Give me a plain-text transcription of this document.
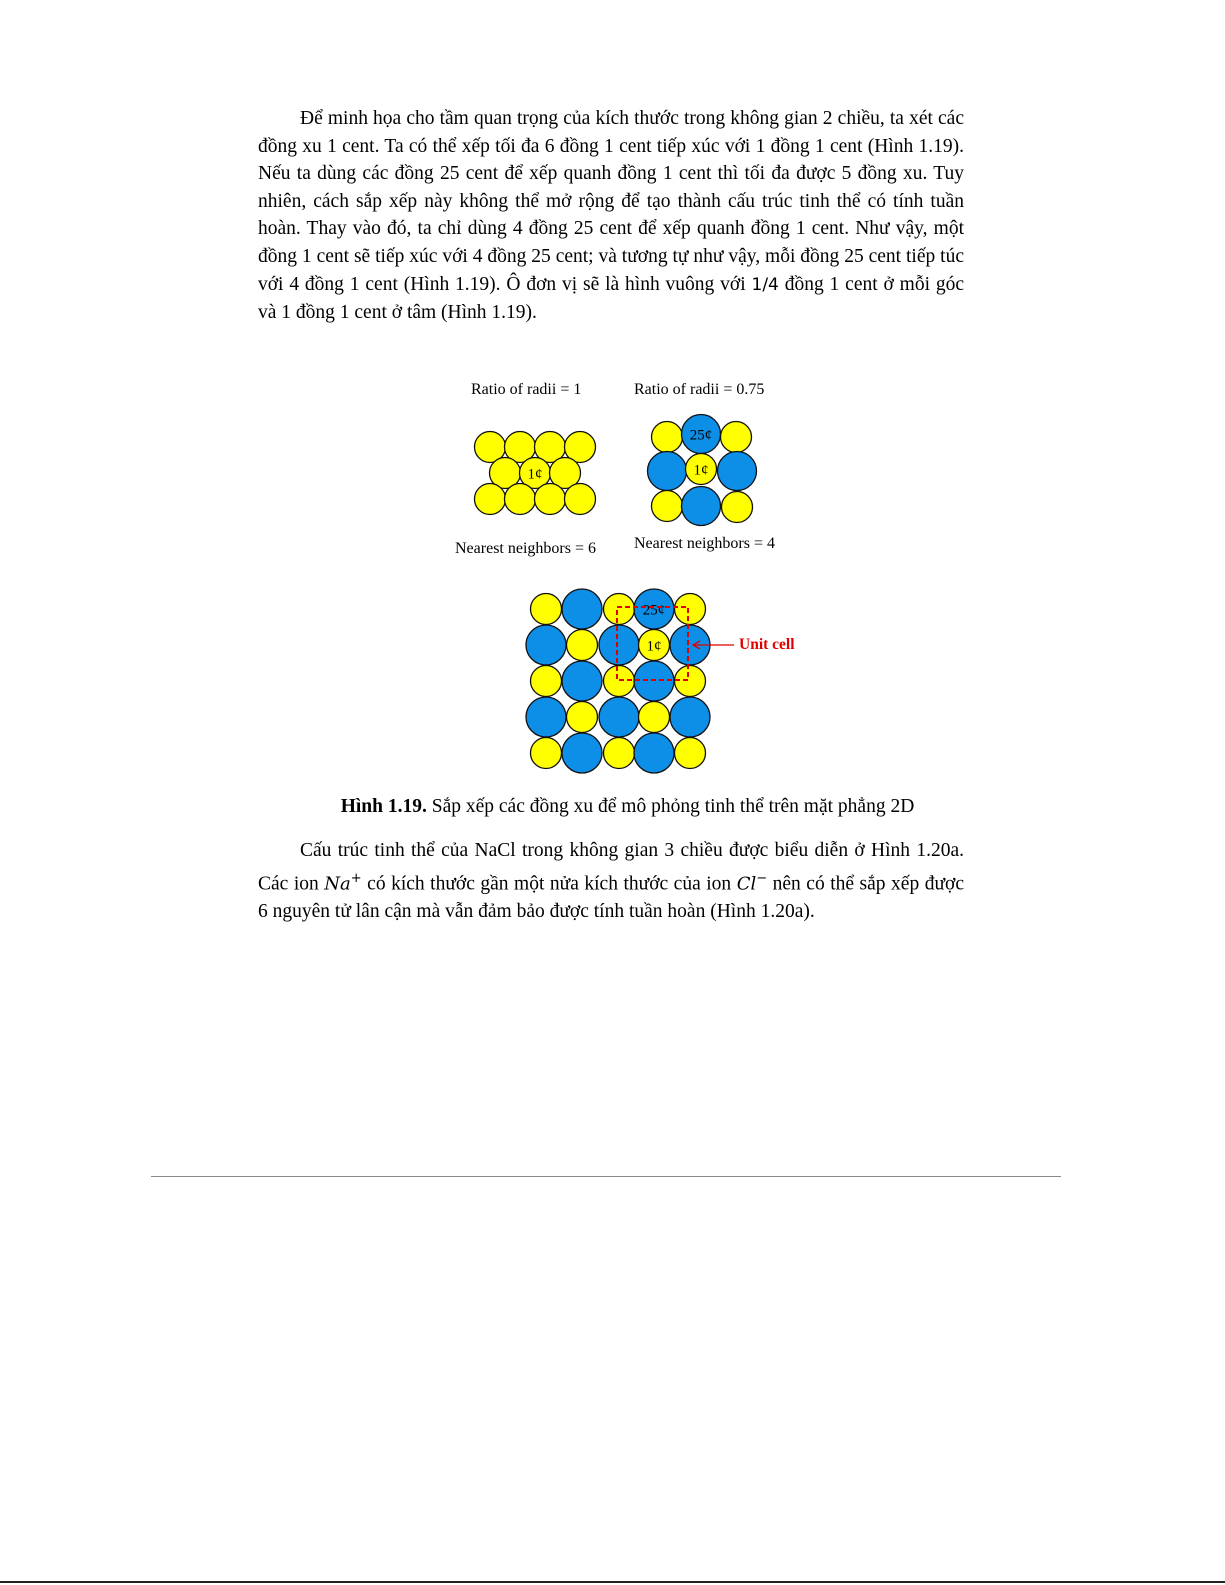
Để minh họa cho tầm quan trọng của kích thước trong không gian 2 chiều, ta xét các đồng xu 1 cent. Ta có thể xếp tối đa 6 đồng 1 cent tiếp xúc với 1 đồng 1 cent (Hình 1.19). Nếu ta dùng các đồng 25 cent để xếp quanh đồng 1 cent thì tối đa được 5 đồng xu. Tuy nhiên, cách sắp xếp này không thể mở rộng để tạo thành cấu trúc tinh thể có tính tuần hoàn. Thay vào đó, ta chỉ dùng 4 đồng 25 cent để xếp quanh đồng 1 cent. Như vậy, một đồng 1 cent sẽ tiếp xúc với 4 đồng 25 cent; và tương tự như vậy, mỗi đồng 25 cent tiếp túc với 4 đồng 1 cent (Hình 1.19). Ô đơn vị sẽ là hình vuông với 1/4 đồng 1 cent ở mỗi góc và 1 đồng 1 cent ở tâm (Hình 1.19).

Ratio of radii = 1	Ratio of radii = 0.75
Nearest neighbors = 6 Nearest neighbors = 4
1¢
25¢
1¢
25¢
1¢	Unit cell
Hình 1.19. Sắp xếp các đồng xu để mô phỏng tinh thể trên mặt phẳng 2D

Cấu trúc tinh thể của NaCl trong không gian 3 chiều được biểu diễn ở Hình 1.20a. Các ion Na+ có kích thước gần một nửa kích thước của ion Cl− nên có thể sắp xếp được 6 nguyên tử lân cận mà vẫn đảm bảo được tính tuần hoàn (Hình 1.20a).
